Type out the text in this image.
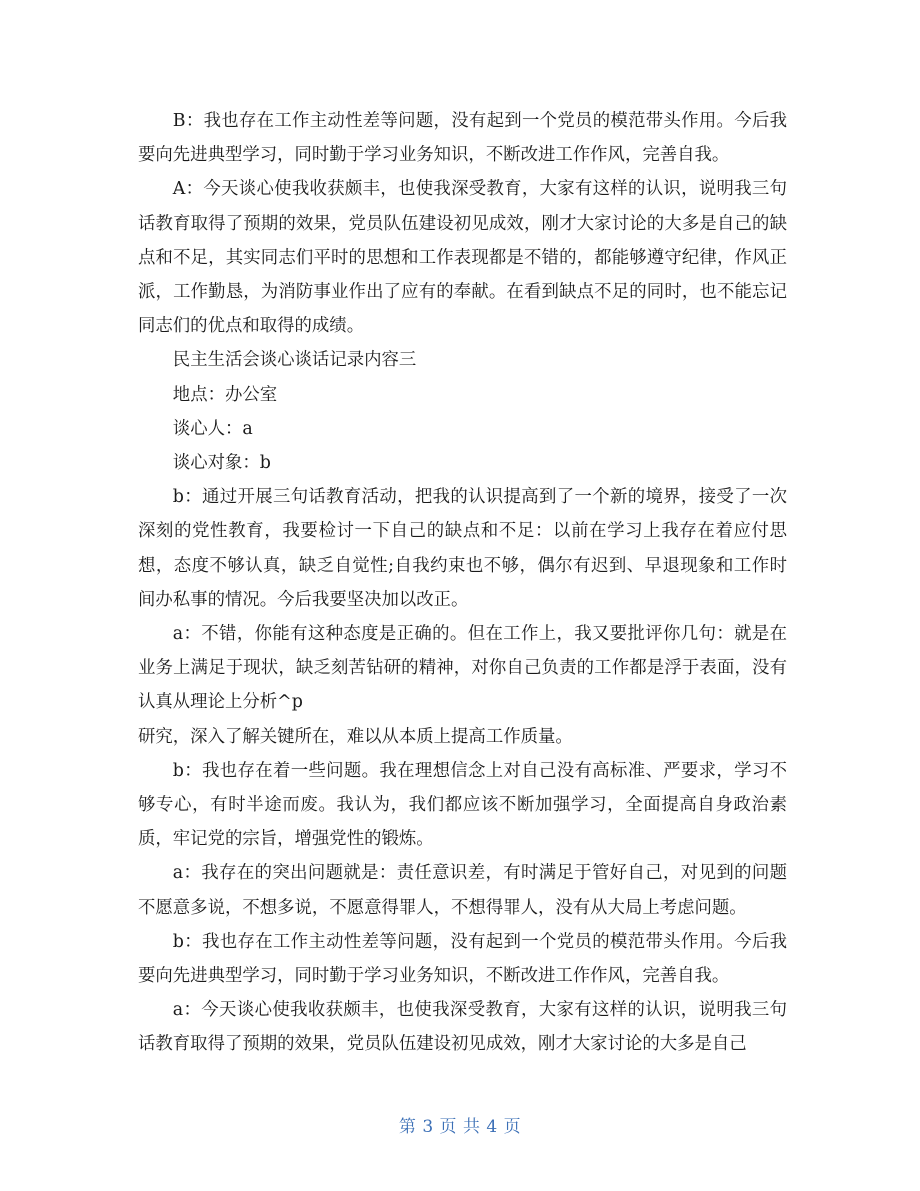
B：我也存在工作主动性差等问题，没有起到一个党员的模范带头作用。今后我要向先进典型学习，同时勤于学习业务知识，不断改进工作作风，完善自我。

A：今天谈心使我收获颇丰，也使我深受教育，大家有这样的认识，说明我三句话教育取得了预期的效果，党员队伍建设初见成效，刚才大家讨论的大多是自己的缺点和不足，其实同志们平时的思想和工作表现都是不错的，都能够遵守纪律，作风正派，工作勤恳，为消防事业作出了应有的奉献。在看到缺点不足的同时，也不能忘记同志们的优点和取得的成绩。

民主生活会谈心谈话记录内容三

地点：办公室

谈心人：a

谈心对象：b

b：通过开展三句话教育活动，把我的认识提高到了一个新的境界，接受了一次深刻的党性教育，我要检讨一下自己的缺点和不足：以前在学习上我存在着应付思想，态度不够认真，缺乏自觉性;自我约束也不够，偶尔有迟到、早退现象和工作时间办私事的情况。今后我要坚决加以改正。

a：不错，你能有这种态度是正确的。但在工作上，我又要批评你几句：就是在业务上满足于现状，缺乏刻苦钻研的精神，对你自己负责的工作都是浮于表面，没有认真从理论上分析^p

研究，深入了解关键所在，难以从本质上提高工作质量。

b：我也存在着一些问题。我在理想信念上对自己没有高标准、严要求，学习不够专心，有时半途而废。我认为，我们都应该不断加强学习，全面提高自身政治素质，牢记党的宗旨，增强党性的锻炼。

a：我存在的突出问题就是：责任意识差，有时满足于管好自己，对见到的问题不愿意多说，不想多说，不愿意得罪人，不想得罪人，没有从大局上考虑问题。

b：我也存在工作主动性差等问题，没有起到一个党员的模范带头作用。今后我要向先进典型学习，同时勤于学习业务知识，不断改进工作作风，完善自我。

a：今天谈心使我收获颇丰，也使我深受教育，大家有这样的认识，说明我三句话教育取得了预期的效果，党员队伍建设初见成效，刚才大家讨论的大多是自己

第 3 页 共 4 页
